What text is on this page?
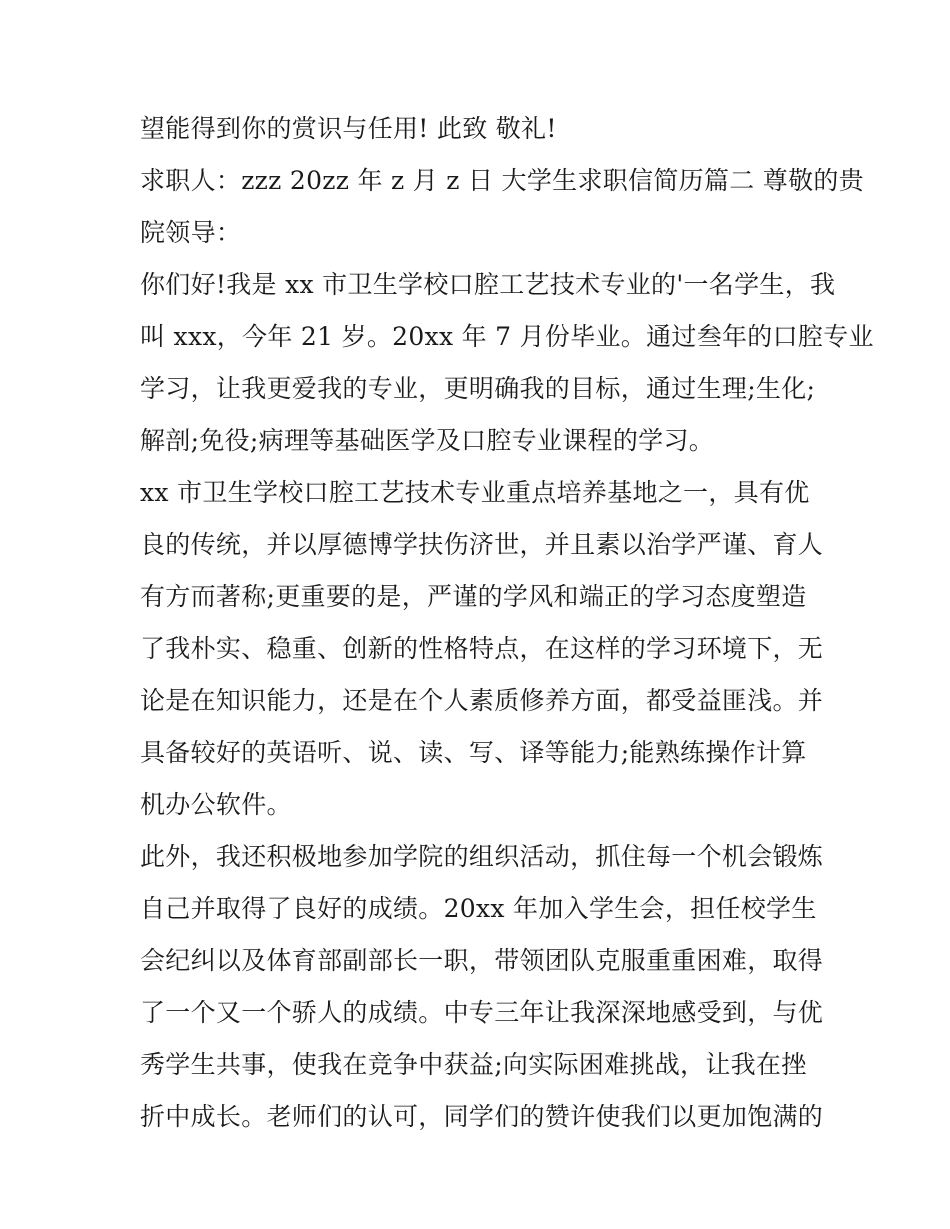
望能得到你的赏识与任用! 此致 敬礼!
求职人：zzz 20zz 年 z 月 z 日 大学生求职信简历篇二 尊敬的贵
院领导：
你们好!我是 xx 市卫生学校口腔工艺技术专业的'一名学生，我
叫 xxx，今年 21 岁。20xx 年 7 月份毕业。通过叁年的口腔专业
学习，让我更爱我的专业，更明确我的目标，通过生理;生化;
解剖;免役;病理等基础医学及口腔专业课程的学习。
xx 市卫生学校口腔工艺技术专业重点培养基地之一，具有优
良的传统，并以厚德博学扶伤济世，并且素以治学严谨、育人
有方而著称;更重要的是，严谨的学风和端正的学习态度塑造
了我朴实、稳重、创新的性格特点，在这样的学习环境下，无
论是在知识能力，还是在个人素质修养方面，都受益匪浅。并
具备较好的英语听、说、读、写、译等能力;能熟练操作计算
机办公软件。
此外，我还积极地参加学院的组织活动，抓住每一个机会锻炼
自己并取得了良好的成绩。20xx 年加入学生会，担任校学生
会纪纠以及体育部副部长一职，带领团队克服重重困难，取得
了一个又一个骄人的成绩。中专三年让我深深地感受到，与优
秀学生共事，使我在竞争中获益;向实际困难挑战，让我在挫
折中成长。老师们的认可，同学们的赞许使我们以更加饱满的
